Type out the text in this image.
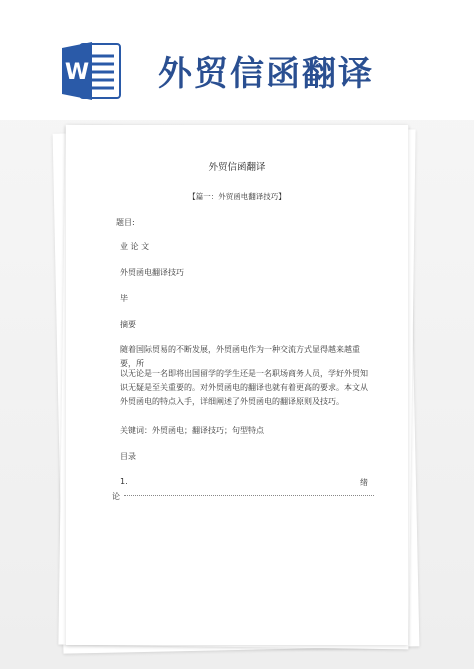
W 外贸信函翻译
外贸信函翻译
【篇一：外贸函电翻译技巧】
题目:
业 论 文
外贸函电翻译技巧
毕
摘要
随着国际贸易的不断发展，外贸函电作为一种交流方式显得越来越重要，所
以无论是一名即将出国留学的学生还是一名职场商务人员，学好外贸知识无疑是至关重要的。对外贸函电的翻译也就有着更高的要求。本文从外贸函电的特点入手，详细阐述了外贸函电的翻译原则及技巧。
关键词：外贸函电；翻译技巧；句型特点
目录
1.	绪
论
